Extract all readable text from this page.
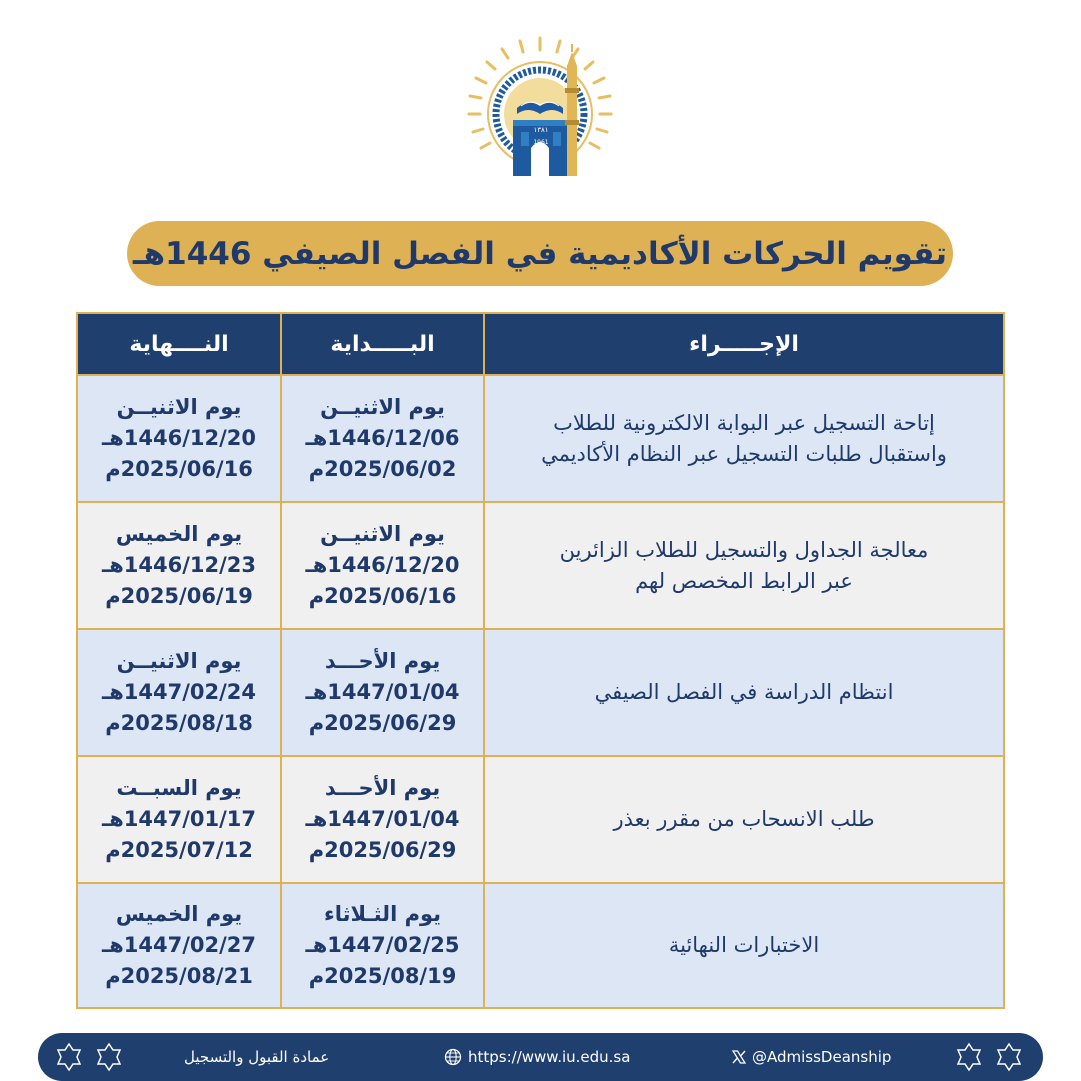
١٣٨١
1961
تقويم الحركات الأكاديمية في الفصل الصيفي 1446هـ
الإجـــــراء
البـــــداية
النــــهاية
إتاحة التسجيل عبر البوابة الالكترونية للطلاب
واستقبال طلبات التسجيل عبر النظام الأكاديمي
يوم الاثنيــن
1446/12/06هـ
2025/06/02م
يوم الاثنيــن
1446/12/20هـ
2025/06/16م
معالجة الجداول والتسجيل للطلاب الزائرين
عبر الرابط المخصص لهم
يوم الاثنيــن
1446/12/20هـ
2025/06/16م
يوم الخميس
1446/12/23هـ
2025/06/19م
انتظام الدراسة في الفصل الصيفي
يوم الأحـــد
1447/01/04هـ
2025/06/29م
يوم الاثنيــن
1447/02/24هـ
2025/08/18م
طلب الانسحاب من مقرر بعذر
يوم الأحـــد
1447/01/04هـ
2025/06/29م
يوم السبــت
1447/01/17هـ
2025/07/12م
الاختبارات النهائية
يوم الثـلاثاء
1447/02/25هـ
2025/08/19م
يوم الخميس
1447/02/27هـ
2025/08/21م
عمادة القبول والتسجيل	https://www.iu.edu.sa	@AdmissDeanship
